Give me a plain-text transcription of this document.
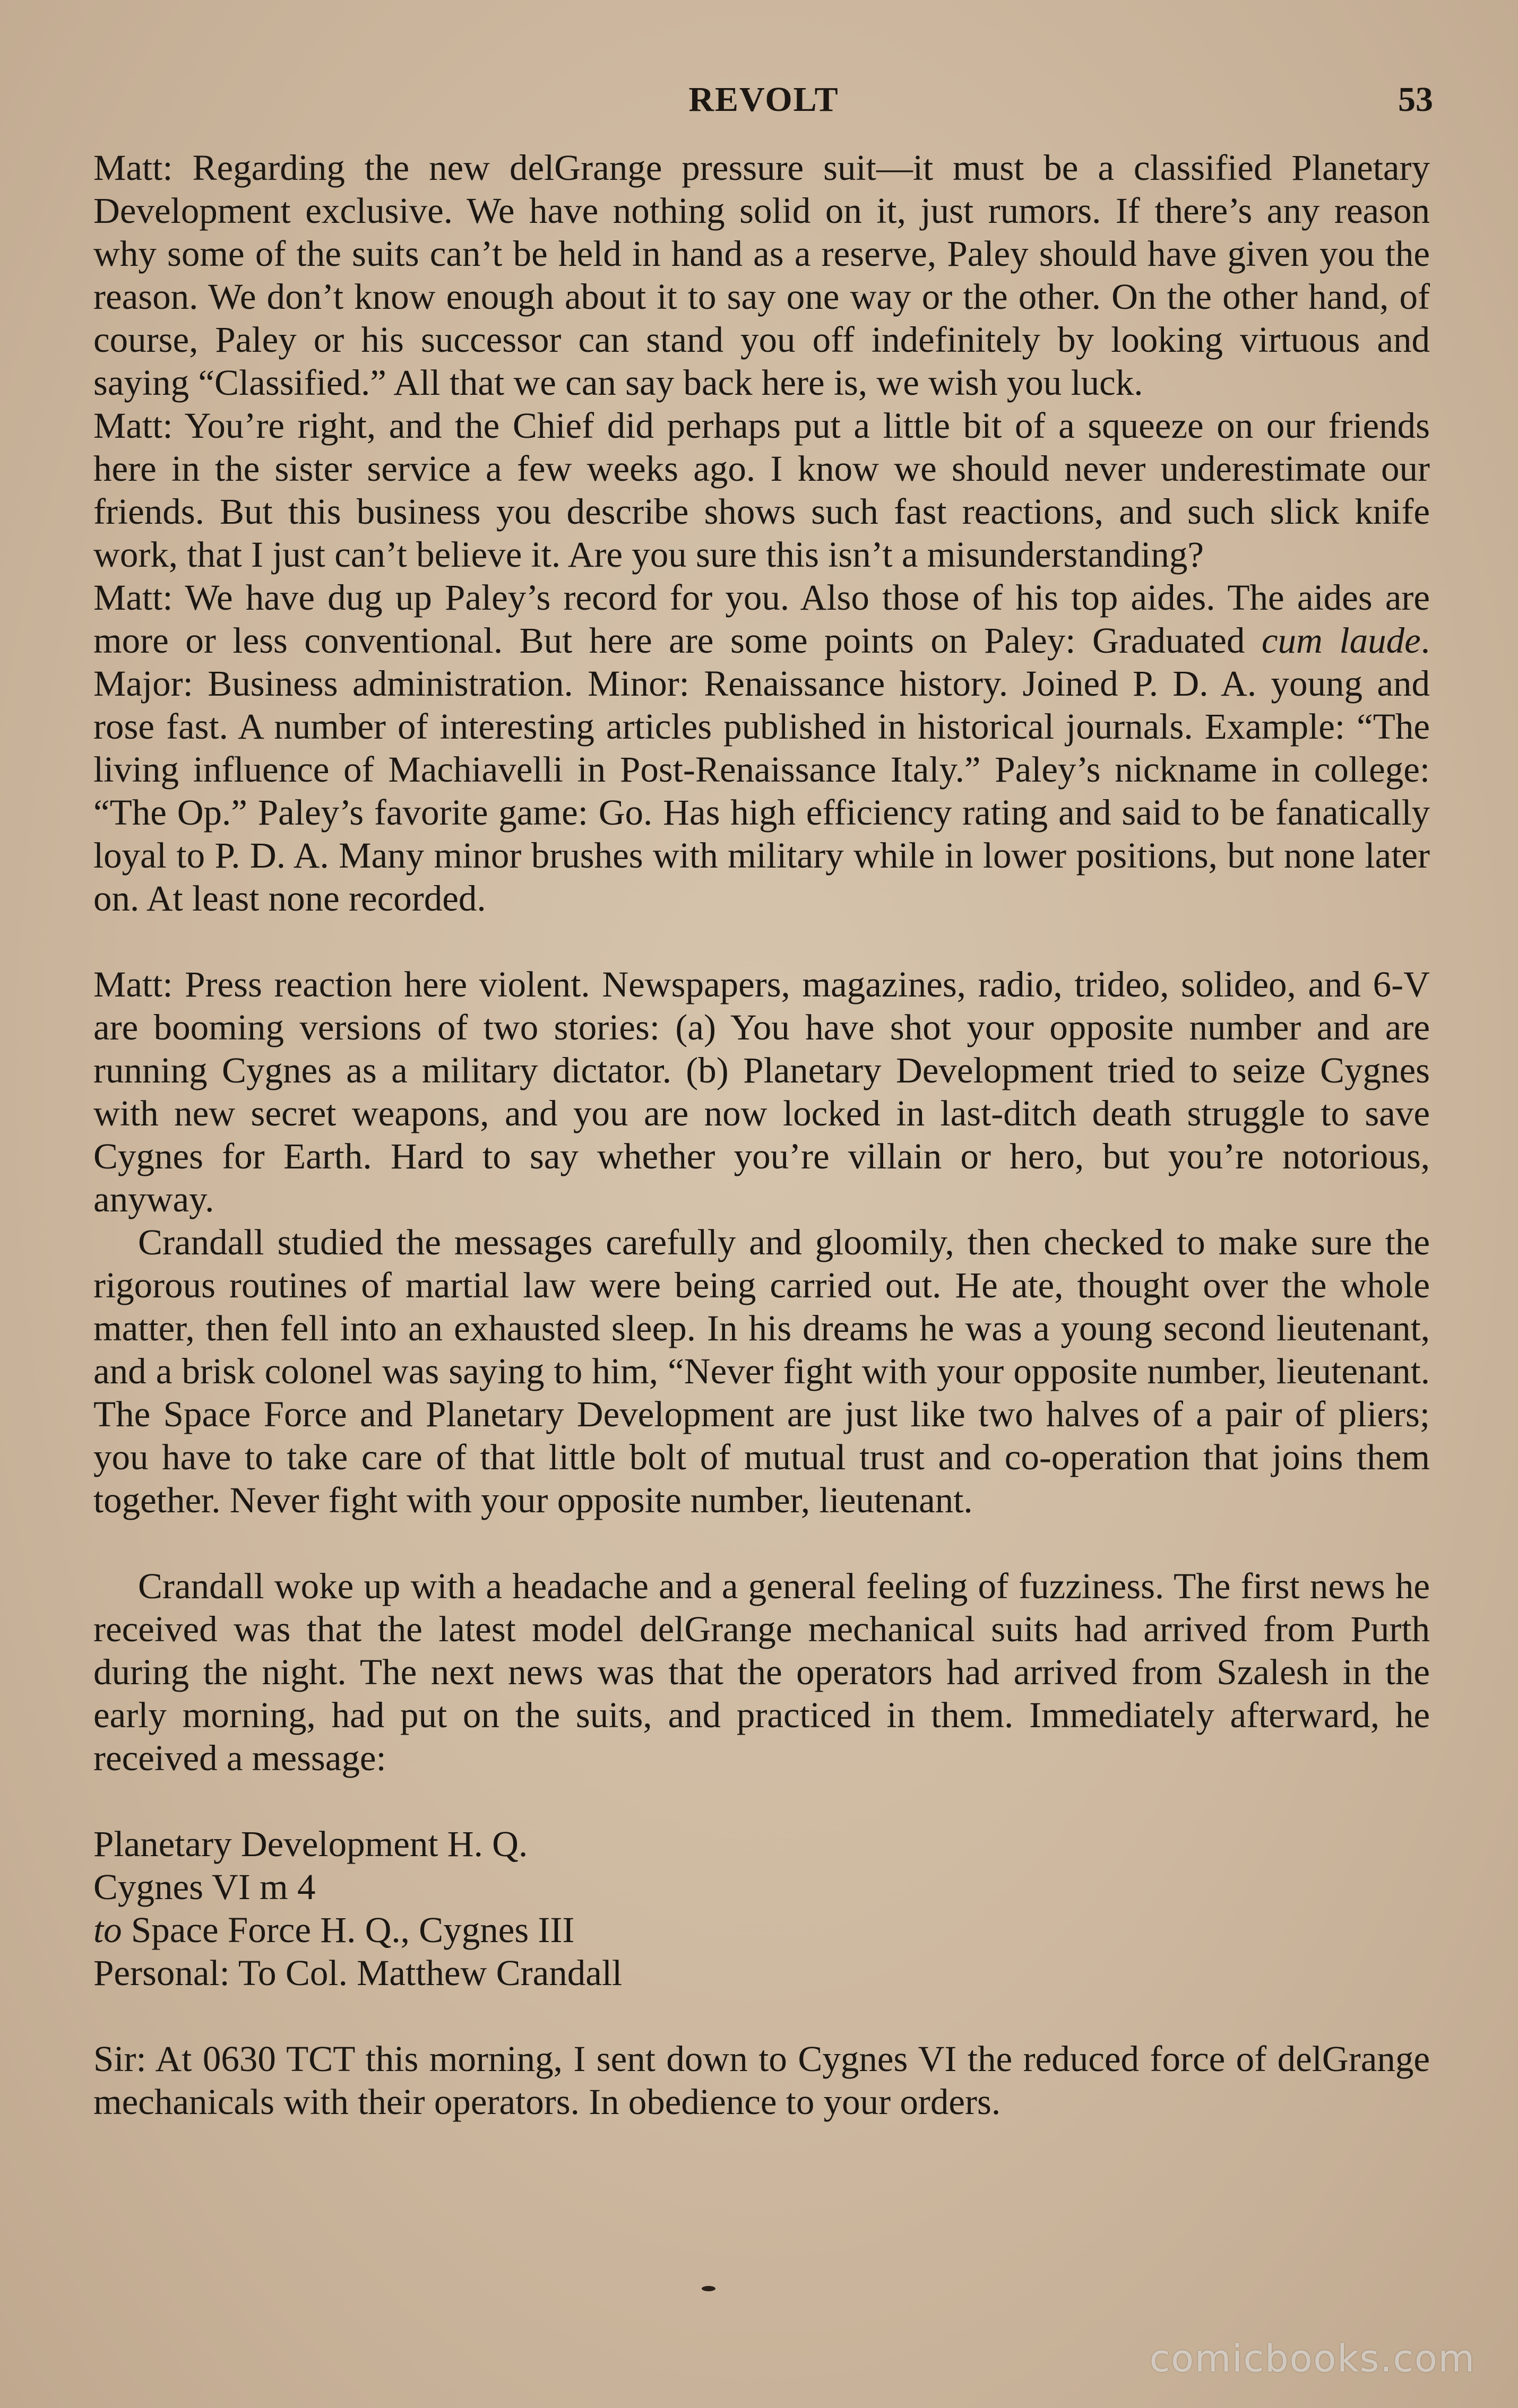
REVOLT	53

Matt: Regarding the new delGrange pressure suit—it must be a classified Planetary Development exclusive. We have nothing solid on it, just rumors. If there’s any reason why some of the suits can’t be held in hand as a reserve, Paley should have given you the reason. We don’t know enough about it to say one way or the other. On the other hand, of course, Paley or his successor can stand you off indefinitely by looking virtuous and saying “Classified.” All that we can say back here is, we wish you luck.

Matt: You’re right, and the Chief did perhaps put a little bit of a squeeze on our friends here in the sister service a few weeks ago. I know we should never underestimate our friends. But this business you describe shows such fast reactions, and such slick knife work, that I just can’t believe it. Are you sure this isn’t a misunderstanding?

Matt: We have dug up Paley’s record for you. Also those of his top aides. The aides are more or less conventional. But here are some points on Paley: Graduated cum laude. Major: Business administration. Minor: Renaissance history. Joined P. D. A. young and rose fast. A number of interesting articles published in historical journals. Example: “The living influence of Machiavelli in Post-Renaissance Italy.” Paley’s nickname in college: “The Op.” Paley’s favorite game: Go. Has high efficiency rating and said to be fanatically loyal to P. D. A. Many minor brushes with military while in lower positions, but none later on. At least none recorded.

Matt: Press reaction here violent. Newspapers, magazines, radio, trideo, solideo, and 6-V are booming versions of two stories: (a) You have shot your opposite number and are running Cygnes as a military dictator. (b) Planetary Development tried to seize Cygnes with new secret weapons, and you are now locked in last-ditch death struggle to save Cygnes for Earth. Hard to say whether you’re villain or hero, but you’re notorious, anyway.

Crandall studied the messages carefully and gloomily, then checked to make sure the rigorous routines of martial law were being carried out. He ate, thought over the whole matter, then fell into an exhausted sleep. In his dreams he was a young second lieutenant, and a brisk colonel was saying to him, “Never fight with your opposite number, lieutenant. The Space Force and Planetary Development are just like two halves of a pair of pliers; you have to take care of that little bolt of mutual trust and co-operation that joins them together. Never fight with your opposite number, lieutenant.

Crandall woke up with a headache and a general feeling of fuzziness. The first news he received was that the latest model delGrange mechanical suits had arrived from Purth during the night. The next news was that the operators had arrived from Szalesh in the early morning, had put on the suits, and practiced in them. Immediately afterward, he received a message:

Planetary Development H. Q.

Cygnes VI m 4

to Space Force H. Q., Cygnes III

Personal: To Col. Matthew Crandall

Sir: At 0630 TCT this morning, I sent down to Cygnes VI the reduced force of delGrange mechanicals with their operators. In obedience to your orders.

comicbooks.com
